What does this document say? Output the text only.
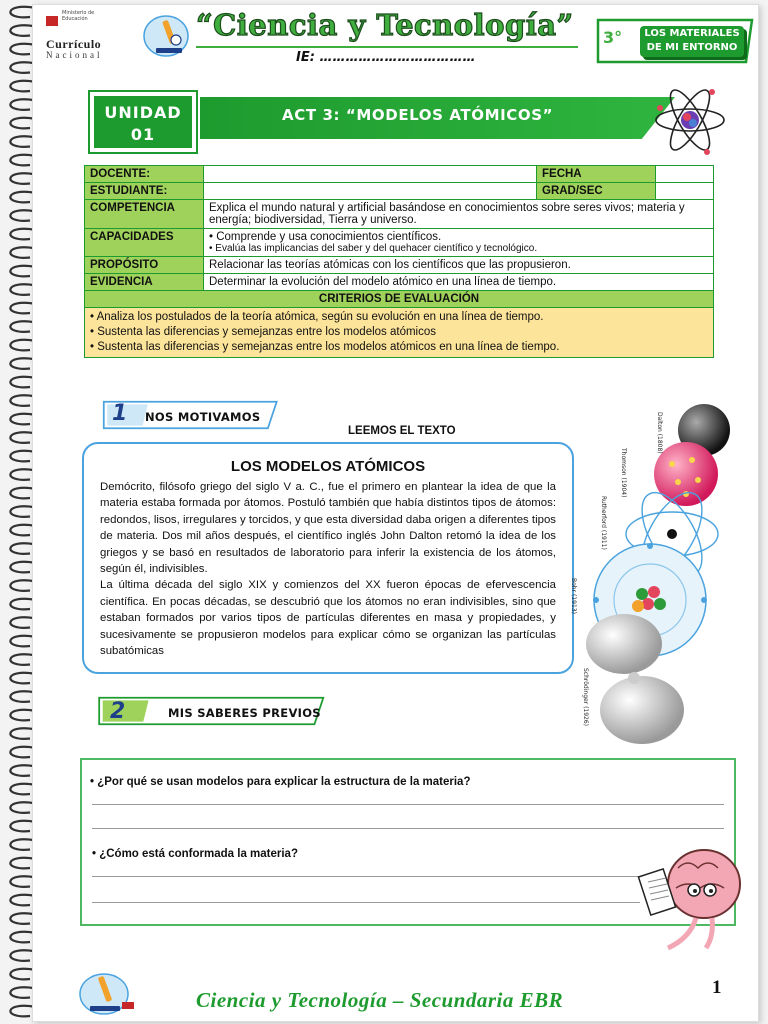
Ministerio de Educación
Currículo
Nacional
“Ciencia y Tecnología”
IE: ………………………………
3°	LOS MATERIALES DE MI ENTORNO
UNIDAD
01
ACT 3: “MODELOS ATÓMICOS”
DOCENTE:		FECHA	
ESTUDIANTE:		GRAD/SEC	
COMPETENCIA	Explica el mundo natural y artificial basándose en conocimientos sobre seres vivos; materia y energía; biodiversidad, Tierra y universo.		
CAPACIDADES	• Comprende y usa conocimientos científicos.
• Evalúa las implicancias del saber y del quehacer científico y tecnológico.		

PROPÓSITO	Relacionar las teorías atómicas con los científicos que las propusieron.		
EVIDENCIA	Determinar la evolución del modelo atómico en una línea de tiempo.		
CRITERIOS DE EVALUACIÓN			

• Analiza los postulados de la teoría atómica, según su evolución en una línea de tiempo.
• Sustenta las diferencias y semejanzas entre los modelos atómicos
• Sustenta las diferencias y semejanzas entre los modelos atómicos en una línea de tiempo.			
1 NOS MOTIVAMOS
LEEMOS EL TEXTO
LOS MODELOS ATÓMICOS
Demócrito, filósofo griego del siglo V a. C., fue el primero en plantear la idea de que la materia estaba formada por átomos. Postuló también que había distintos tipos de átomos: redondos, lisos, irregulares y torcidos, y que esta diversidad daba origen a diferentes tipos de materia. Dos mil años después, el científico inglés John Dalton retomó la idea de los griegos y se basó en resultados de laboratorio para inferir la existencia de los átomos, según él, indivisibles.
La última década del siglo XIX y comienzos del XX fueron épocas de efervescencia científica. En pocas décadas, se descubrió que los átomos no eran indivisibles, sino que estaban formados por varios tipos de partículas diferentes en masa y propiedades, y sucesivamente se propusieron modelos para explicar cómo se organizan las partículas subatómicas
Dalton (1808)
Thomson (1904)
Rutherford (1911)
Bohr (1913)
Schrödinger (1926)
2	MIS SABERES PREVIOS
• ¿Por qué se usan modelos para explicar la estructura de la materia?
• ¿Cómo está conformada la materia?
Ciencia y Tecnología – Secundaria EBR
1
